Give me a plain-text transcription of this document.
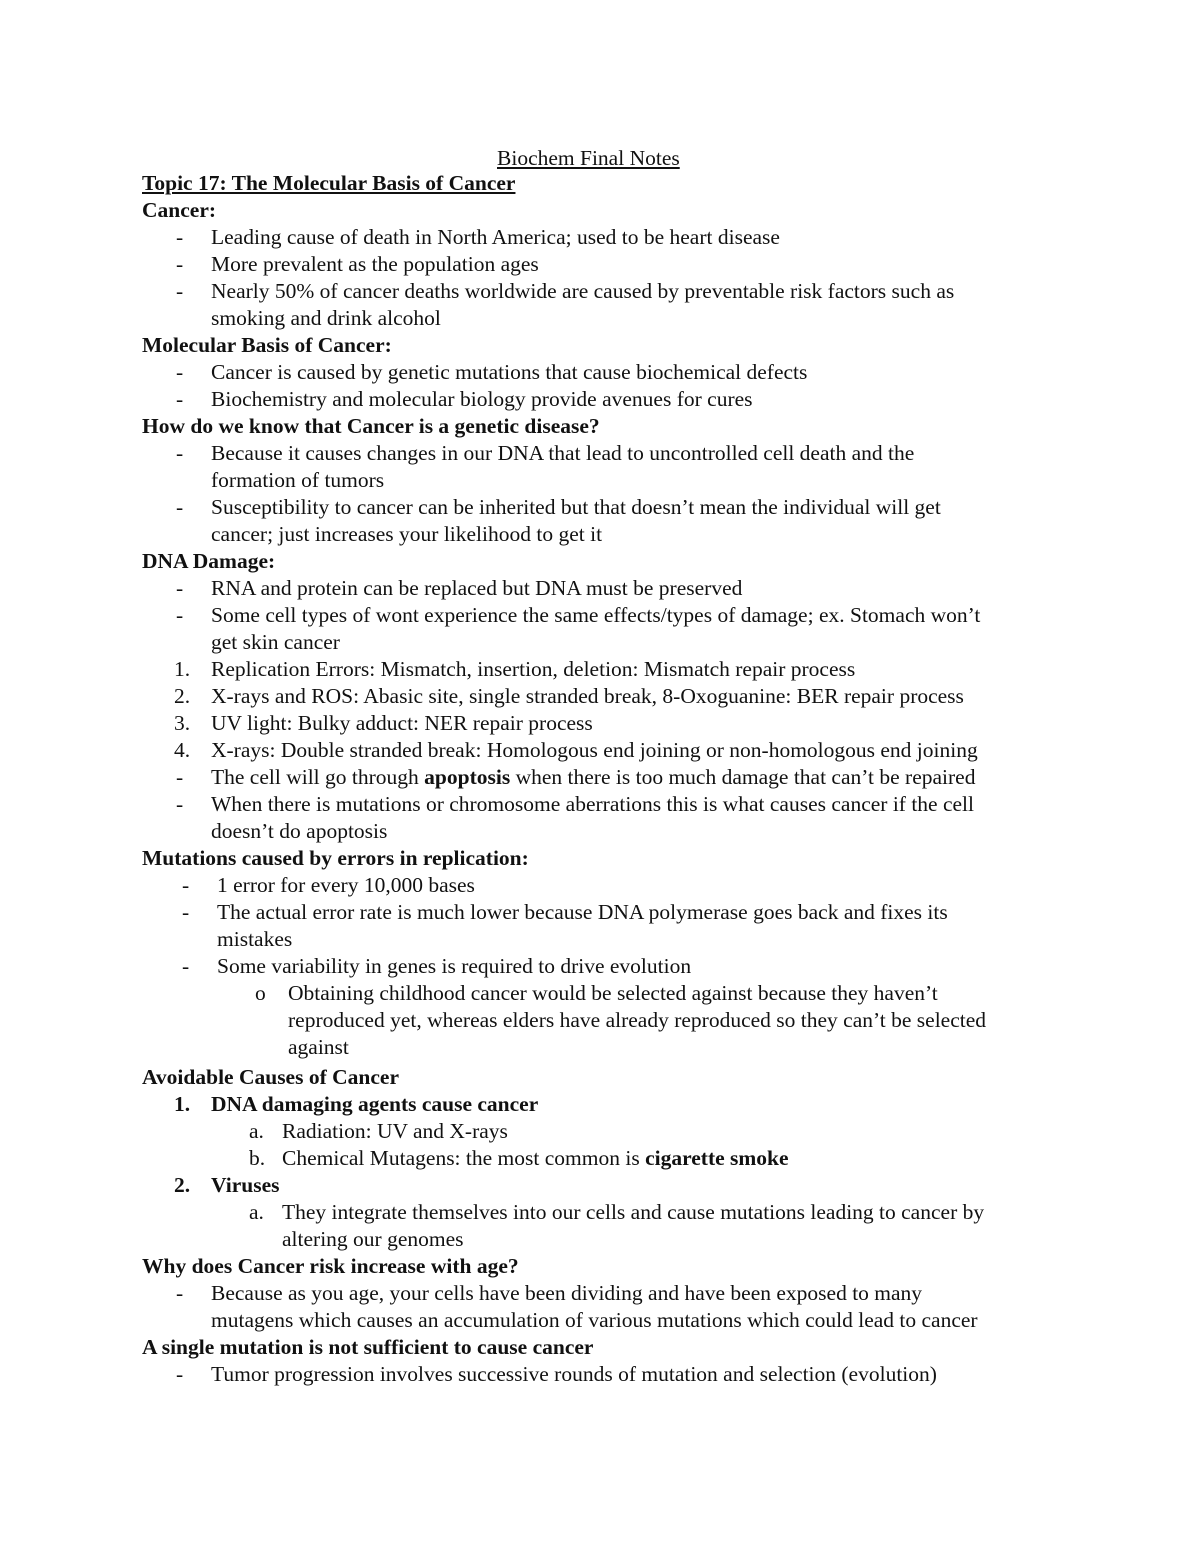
Biochem Final Notes
Topic 17: The Molecular Basis of Cancer
Cancer:
- Leading cause of death in North America; used to be heart disease
- More prevalent as the population ages
- Nearly 50% of cancer deaths worldwide are caused by preventable risk factors such as
smoking and drink alcohol
Molecular Basis of Cancer:
- Cancer is caused by genetic mutations that cause biochemical defects
- Biochemistry and molecular biology provide avenues for cures
How do we know that Cancer is a genetic disease?
- Because it causes changes in our DNA that lead to uncontrolled cell death and the
formation of tumors
- Susceptibility to cancer can be inherited but that doesn’t mean the individual will get
cancer; just increases your likelihood to get it
DNA Damage:
- RNA and protein can be replaced but DNA must be preserved
- Some cell types of wont experience the same effects/types of damage; ex. Stomach won’t
get skin cancer
1. Replication Errors: Mismatch, insertion, deletion: Mismatch repair process
2. X-rays and ROS: Abasic site, single stranded break, 8-Oxoguanine: BER repair process
3. UV light: Bulky adduct: NER repair process
4. X-rays: Double stranded break: Homologous end joining or non-homologous end joining
- The cell will go through apoptosis when there is too much damage that can’t be repaired
- When there is mutations or chromosome aberrations this is what causes cancer if the cell
doesn’t do apoptosis
Mutations caused by errors in replication:
- 1 error for every 10,000 bases
- The actual error rate is much lower because DNA polymerase goes back and fixes its
mistakes
- Some variability in genes is required to drive evolution
o Obtaining childhood cancer would be selected against because they haven’t
reproduced yet, whereas elders have already reproduced so they can’t be selected
against
Avoidable Causes of Cancer
1. DNA damaging agents cause cancer
a. Radiation: UV and X-rays
b. Chemical Mutagens: the most common is cigarette smoke
2. Viruses
a. They integrate themselves into our cells and cause mutations leading to cancer by
altering our genomes
Why does Cancer risk increase with age?
- Because as you age, your cells have been dividing and have been exposed to many
mutagens which causes an accumulation of various mutations which could lead to cancer
A single mutation is not sufficient to cause cancer
- Tumor progression involves successive rounds of mutation and selection (evolution)
